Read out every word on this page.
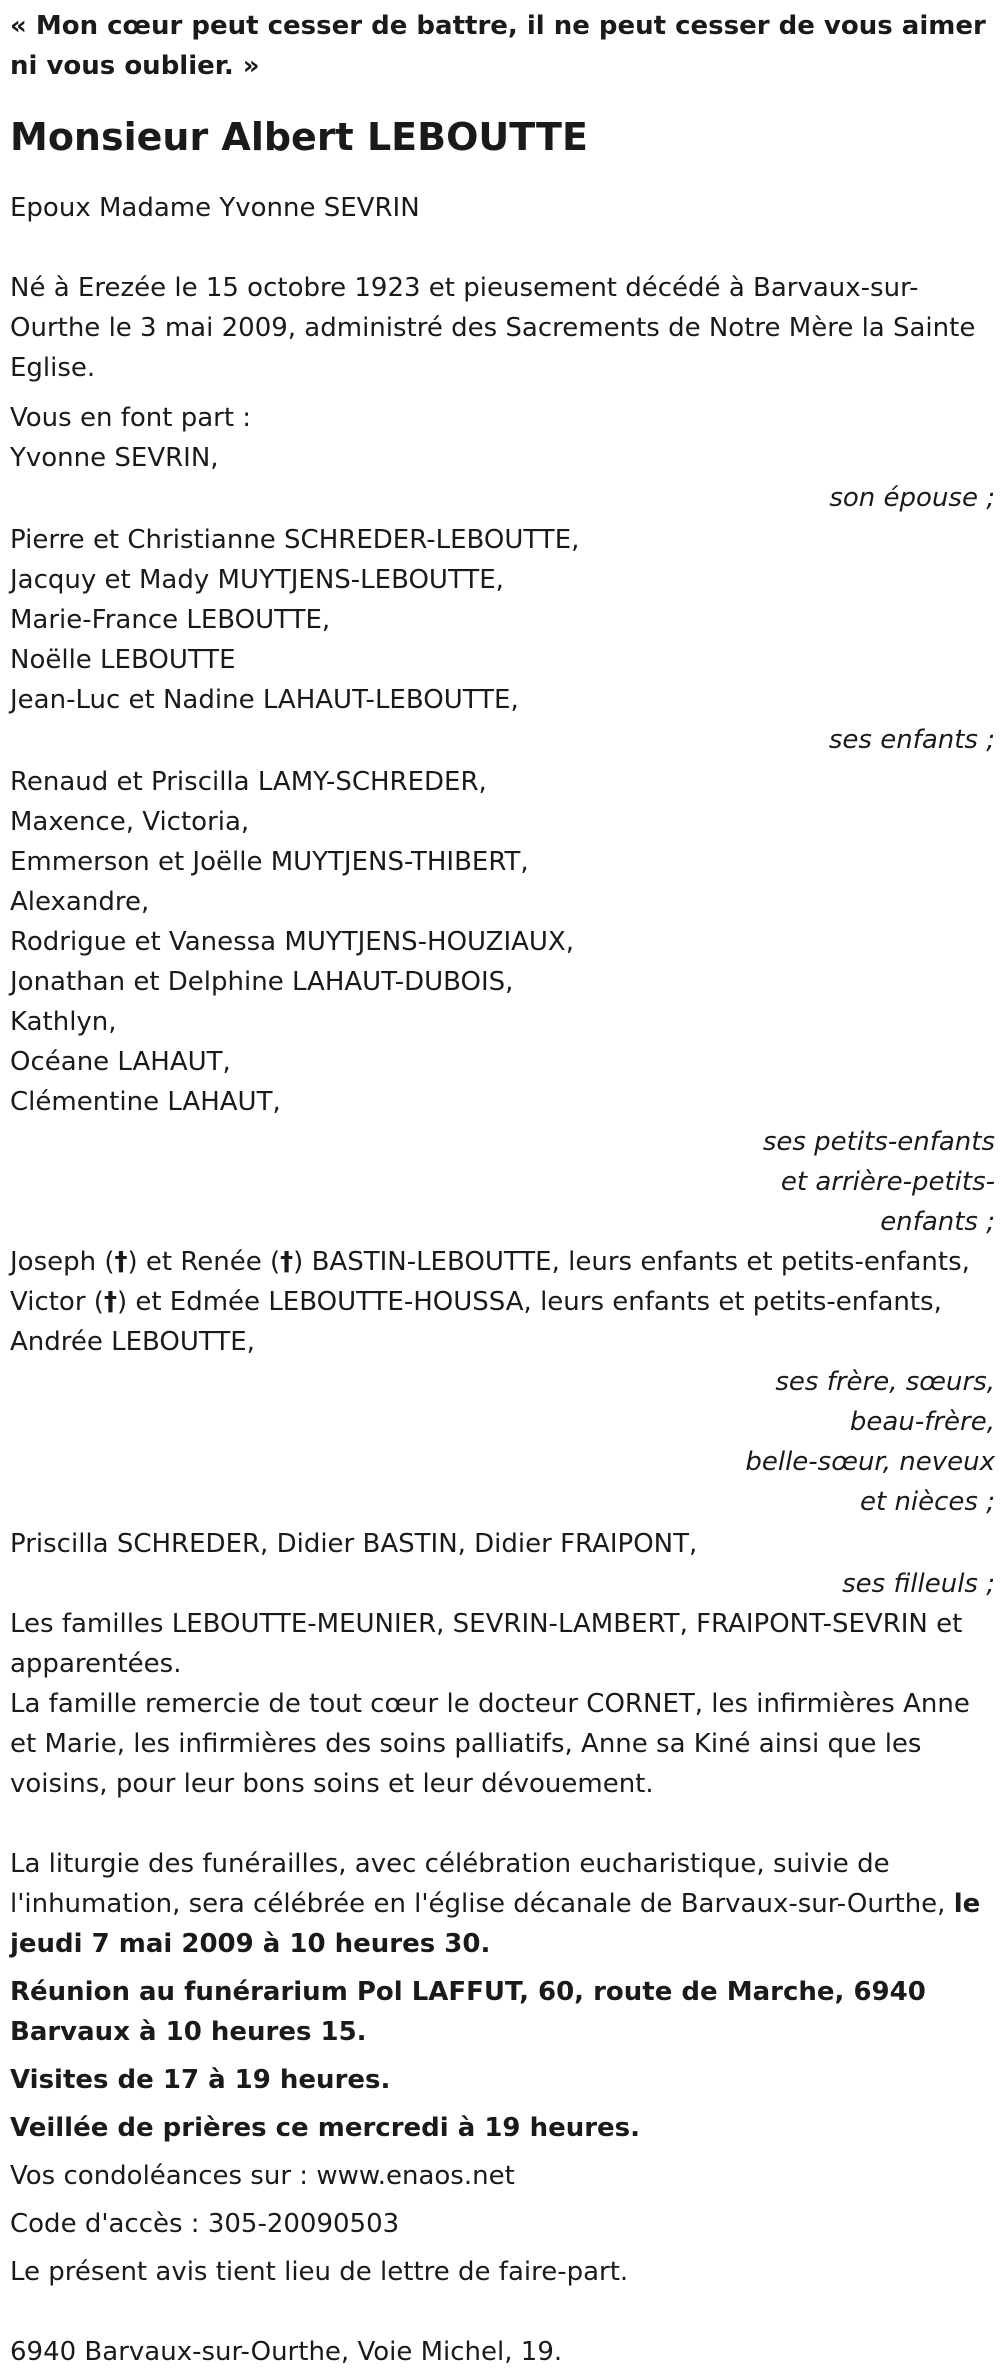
« Mon cœur peut cesser de battre, il ne peut cesser de vous aimer ni vous oublier. »

Monsieur Albert LEBOUTTE

Epoux Madame Yvonne SEVRIN

Né à Erezée le 15 octobre 1923 et pieusement décédé à Barvaux-sur-Ourthe le 3 mai 2009, administré des Sacrements de Notre Mère la Sainte Eglise.

Vous en font part :

Yvonne SEVRIN,
son épouse ;
Pierre et Christianne SCHREDER-LEBOUTTE,
Jacquy et Mady MUYTJENS-LEBOUTTE,
Marie-France LEBOUTTE,
Noëlle LEBOUTTE
Jean-Luc et Nadine LAHAUT-LEBOUTTE,
ses enfants ;
Renaud et Priscilla LAMY-SCHREDER,
Maxence, Victoria,
Emmerson et Joëlle MUYTJENS-THIBERT,
Alexandre,
Rodrigue et Vanessa MUYTJENS-HOUZIAUX,
Jonathan et Delphine LAHAUT-DUBOIS,
Kathlyn,
Océane LAHAUT,
Clémentine LAHAUT,
ses petits-enfants
et arrière-petits-
enfants ;

Joseph (†) et Renée (†) BASTIN-LEBOUTTE, leurs enfants et petits-enfants,

Victor (†) et Edmée LEBOUTTE-HOUSSA, leurs enfants et petits-enfants,

Andrée LEBOUTTE,
ses frère, sœurs,
beau-frère,
belle-sœur, neveux
et nièces ;
Priscilla SCHREDER, Didier BASTIN, Didier FRAIPONT,
ses filleuls ;

Les familles LEBOUTTE-MEUNIER, SEVRIN-LAMBERT, FRAIPONT-SEVRIN et apparentées.

La famille remercie de tout cœur le docteur CORNET, les infirmières Anne et Marie, les infirmières des soins palliatifs, Anne sa Kiné ainsi que les voisins, pour leur bons soins et leur dévouement.

La liturgie des funérailles, avec célébration eucharistique, suivie de l'inhumation, sera célébrée en l'église décanale de Barvaux-sur-Ourthe, le jeudi 7 mai 2009 à 10 heures 30.

Réunion au funérarium Pol LAFFUT, 60, route de Marche, 6940 Barvaux à 10 heures 15.

Visites de 17 à 19 heures.

Veillée de prières ce mercredi à 19 heures.

Vos condoléances sur : www.enaos.net

Code d'accès : 305-20090503

Le présent avis tient lieu de lettre de faire-part.

6940 Barvaux-sur-Ourthe, Voie Michel, 19.
